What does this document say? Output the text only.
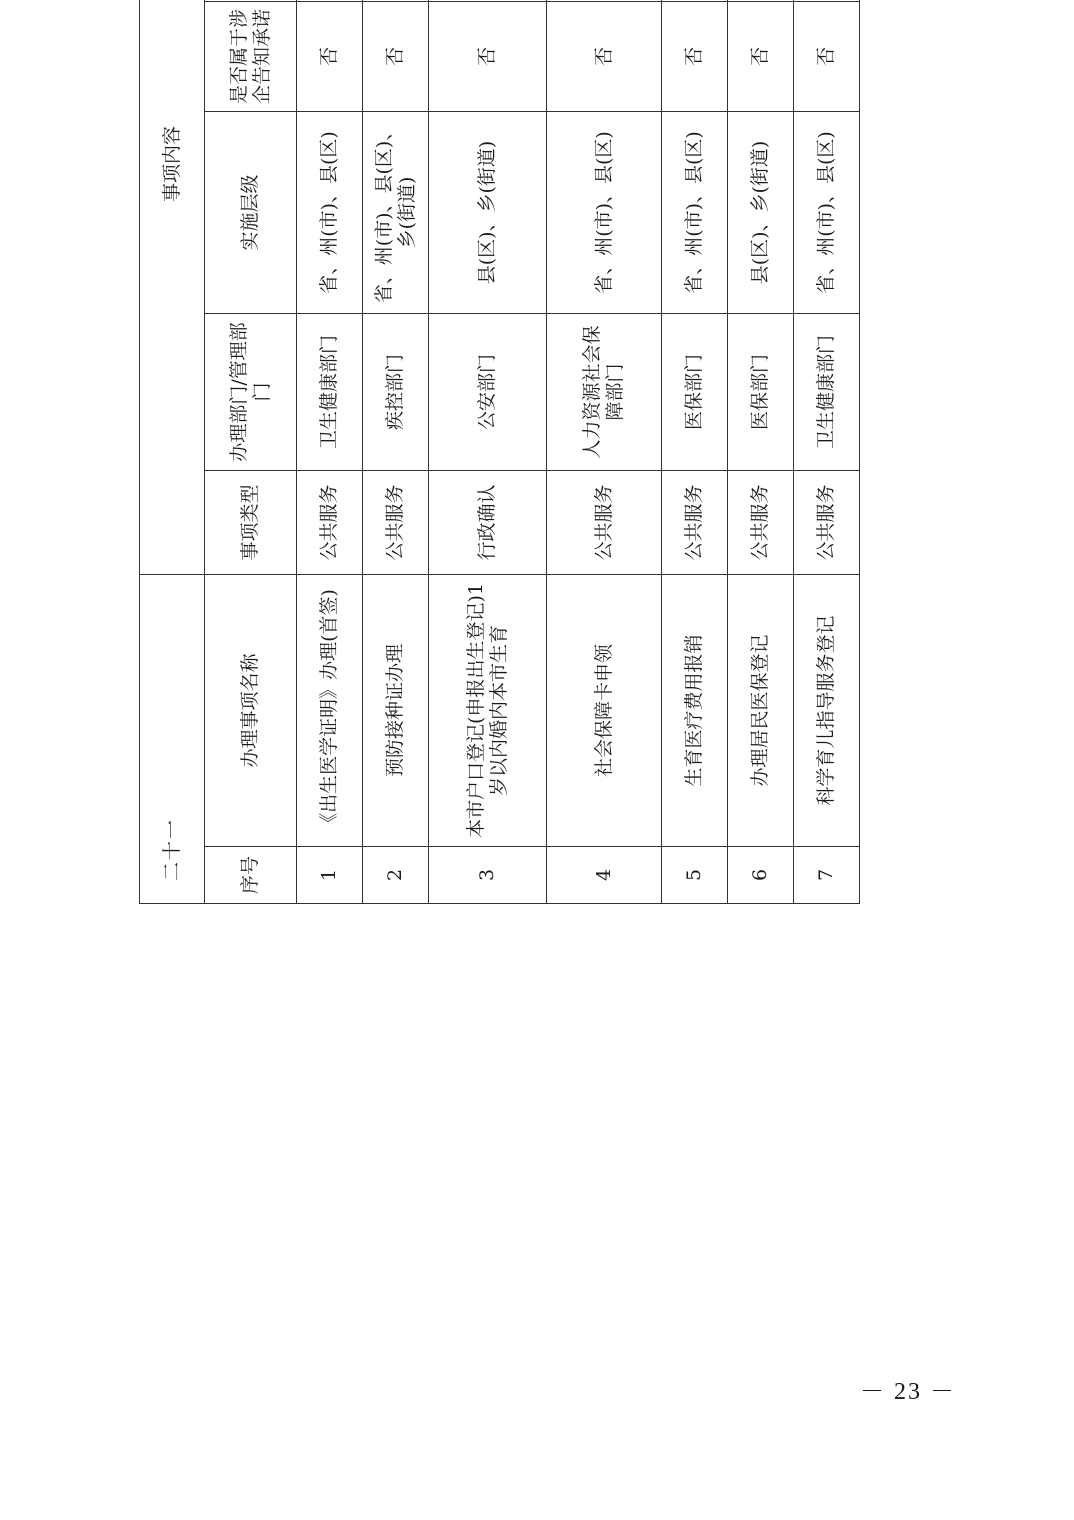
二十一		事项内容						
序号	办理事项名称	事项类型	办理部门/管理部门	实施层级	是否属于涉企告知承诺			
1	《出生医学证明》办理(首签)	公共服务	卫生健康部门	省、州(市)、县(区)	否			
2	预防接种证办理	公共服务	疾控部门	省、州(市)、县(区)、乡(街道)	否			
3	本市户口登记(申报出生登记)1岁以内婚内本市生育	行政确认	公安部门	县(区)、乡(街道)	否			
4	社会保障卡申领	公共服务	人力资源社会保障部门	省、州(市)、县(区)	否			
5	生育医疗费用报销	公共服务	医保部门	省、州(市)、县(区)	否			
6	办理居民医保登记	公共服务	医保部门	县(区)、乡(街道)	否			
7	科学育儿指导服务登记	公共服务	卫生健康部门	省、州(市)、县(区)	否			
－ 23 －
